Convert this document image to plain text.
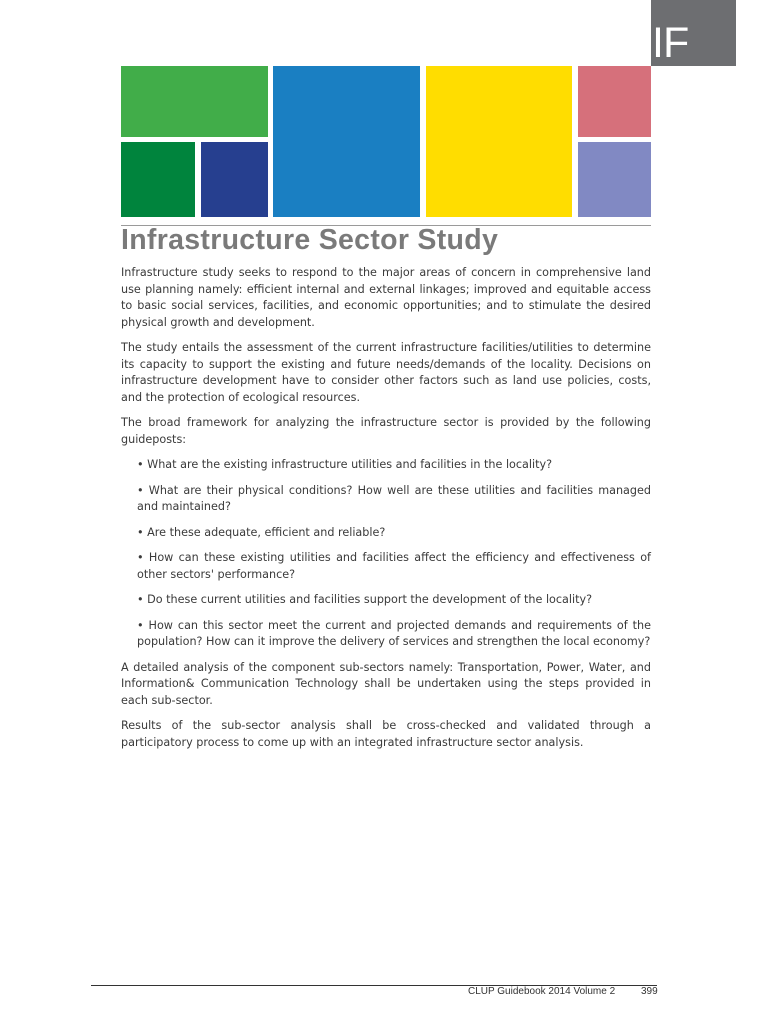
IF
Infrastructure Sector Study

Infrastructure study seeks to respond to the major areas of concern in comprehensive land use planning namely: efficient internal and external linkages; improved and equitable access to basic social services, facilities, and economic opportunities; and to stimulate the desired physical growth and development.

The study entails the assessment of the current infrastructure facilities/utilities to determine its capacity to support the existing and future needs/demands of the locality. Decisions on infrastructure development have to consider other factors such as land use policies, costs, and the protection of ecological resources.

The broad framework for analyzing the infrastructure sector is provided by the following guideposts:

• What are the existing infrastructure utilities and facilities in the locality?
• What are their physical conditions? How well are these utilities and facilities managed and maintained?
• Are these adequate, efficient and reliable?
• How can these existing utilities and facilities affect the efficiency and effectiveness of other sectors' performance?
• Do these current utilities and facilities support the development of the locality?
• How can this sector meet the current and projected demands and requirements of the population? How can it improve the delivery of services and strengthen the local economy?

A detailed analysis of the component sub-sectors namely: Transportation, Power, Water, and Information& Communication Technology shall be undertaken using the steps provided in each sub-sector.

Results of the sub-sector analysis shall be cross-checked and validated through a participatory process to come up with an integrated infrastructure sector analysis.

CLUP Guidebook 2014 Volume 2	399
